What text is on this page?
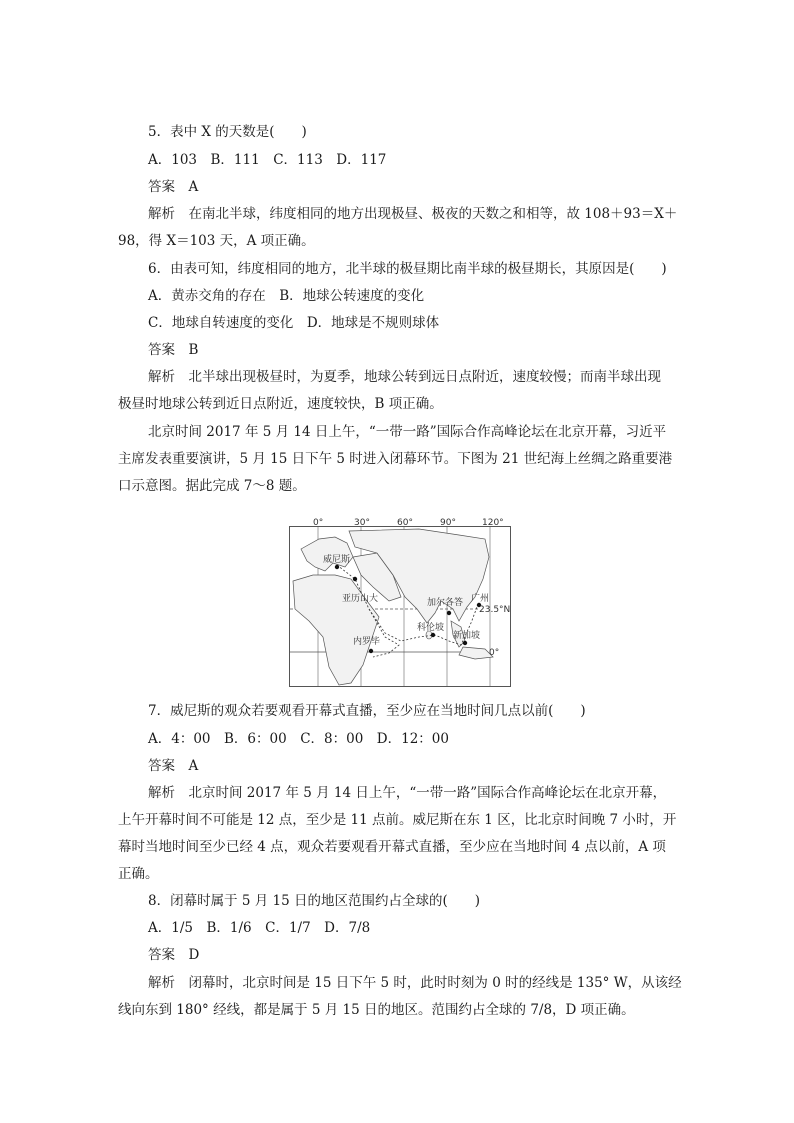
5．表中 X 的天数是(　　)
A．103　B．111　C．113　D．117
答案　A
解析　在南北半球，纬度相同的地方出现极昼、极夜的天数之和相等，故 108＋93＝X＋
98，得 X＝103 天，A 项正确。
6．由表可知，纬度相同的地方，北半球的极昼期比南半球的极昼期长，其原因是(　　)
A．黄赤交角的存在　B．地球公转速度的变化
C．地球自转速度的变化　D．地球是不规则球体
答案　B
解析　北半球出现极昼时，为夏季，地球公转到远日点附近，速度较慢；而南半球出现
极昼时地球公转到近日点附近，速度较快，B 项正确。
北京时间 2017 年 5 月 14 日上午，“一带一路”国际合作高峰论坛在北京开幕，习近平
主席发表重要演讲，5 月 15 日下午 5 时进入闭幕环节。下图为 21 世纪海上丝绸之路重要港
口示意图。据此完成 7～8 题。
0°	30°	60°	90°	120°
23.5°N
0°
威尼斯
亚历山大
内罗毕
加尔各答 广州
科伦坡
新加坡
7．威尼斯的观众若要观看开幕式直播，至少应在当地时间几点以前(　　)
A．4：00　B．6：00　C．8：00　D．12：00
答案　A
解析　北京时间 2017 年 5 月 14 日上午，“一带一路”国际合作高峰论坛在北京开幕，
上午开幕时间不可能是 12 点，至少是 11 点前。威尼斯在东 1 区，比北京时间晚 7 小时，开
幕时当地时间至少已经 4 点，观众若要观看开幕式直播，至少应在当地时间 4 点以前，A 项
正确。
8．闭幕时属于 5 月 15 日的地区范围约占全球的(　　)
A．1/5　B．1/6　C．1/7　D．7/8
答案　D
解析　闭幕时，北京时间是 15 日下午 5 时，此时时刻为 0 时的经线是 135° W，从该经
线向东到 180° 经线，都是属于 5 月 15 日的地区。范围约占全球的 7/8，D 项正确。
